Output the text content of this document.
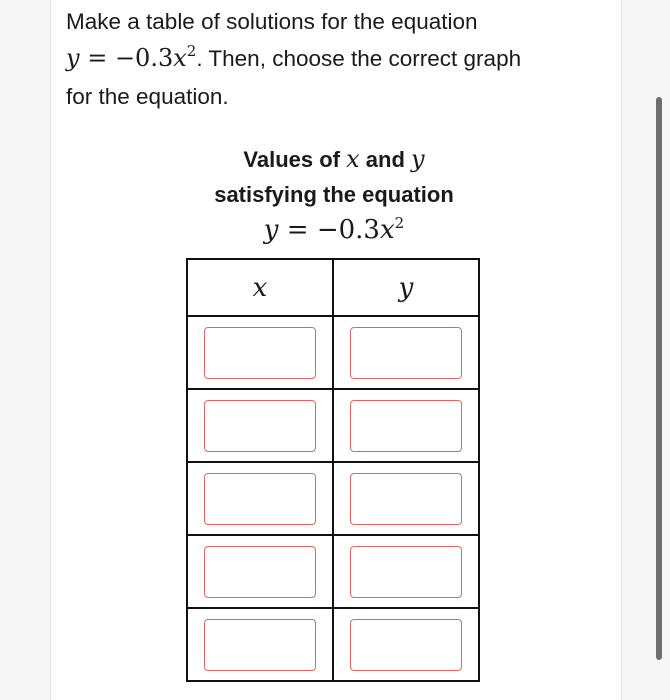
Make a table of solutions for the equation

$y = -0.3x^2$. Then, choose the correct graph

for the equation.

Values of x and y
satisfying the equation
$y = -0.3x^2$
x	y
